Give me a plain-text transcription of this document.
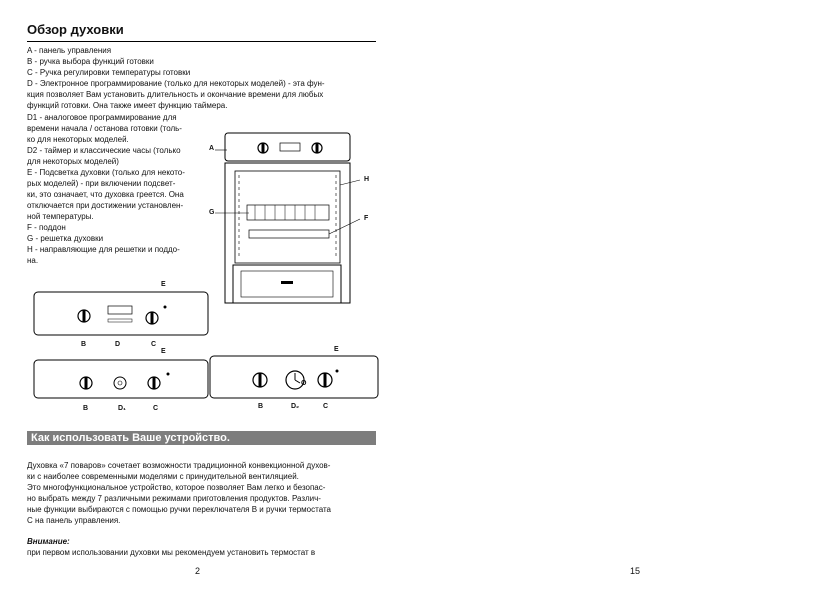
Обзор духовки
A - панель управления
B - ручка выбора функций готовки
C - Ручка регулировки температуры готовки
D - Электронное программирование (только для некоторых моделей) - эта фун-
кция позволяет Вам установить длительность и окончание времени для любых
функций готовки. Она также имеет функцию таймера.
D1 - аналоговое программирование для
времени начала / останова готовки (толь-
ко для некоторых моделей.
D2 - таймер и классические часы (только
для некоторых моделей)
E - Подсветка духовки (только для некото-
рых моделей) - при включении подсвет-
ки, это означает, что духовка греется. Она
отключается при достижении установлен-
ной температуры.
F - поддон
G - решетка духовки
H - направляющие для решетки и поддо-
на.
A
G
H
F
B	D	C
E
B	D₁	C
E
B	D₂	C
E
O
Как использовать Ваше устройство.
Духовка «7 поваров» сочетает возможности традиционной конвекционной духов-
ки с наиболее современными моделями с принудительной вентиляцией.
Это многофункциональное устройство, которое позволяет Вам легко и безопас-
но выбрать между 7 различными режимами приготовления продуктов. Различ-
ные функции выбираются с помощью ручки переключателя B и ручки термостата
C на панель управления.
Внимание:
при первом использовании духовки мы рекомендуем установить термостат в
2	15
